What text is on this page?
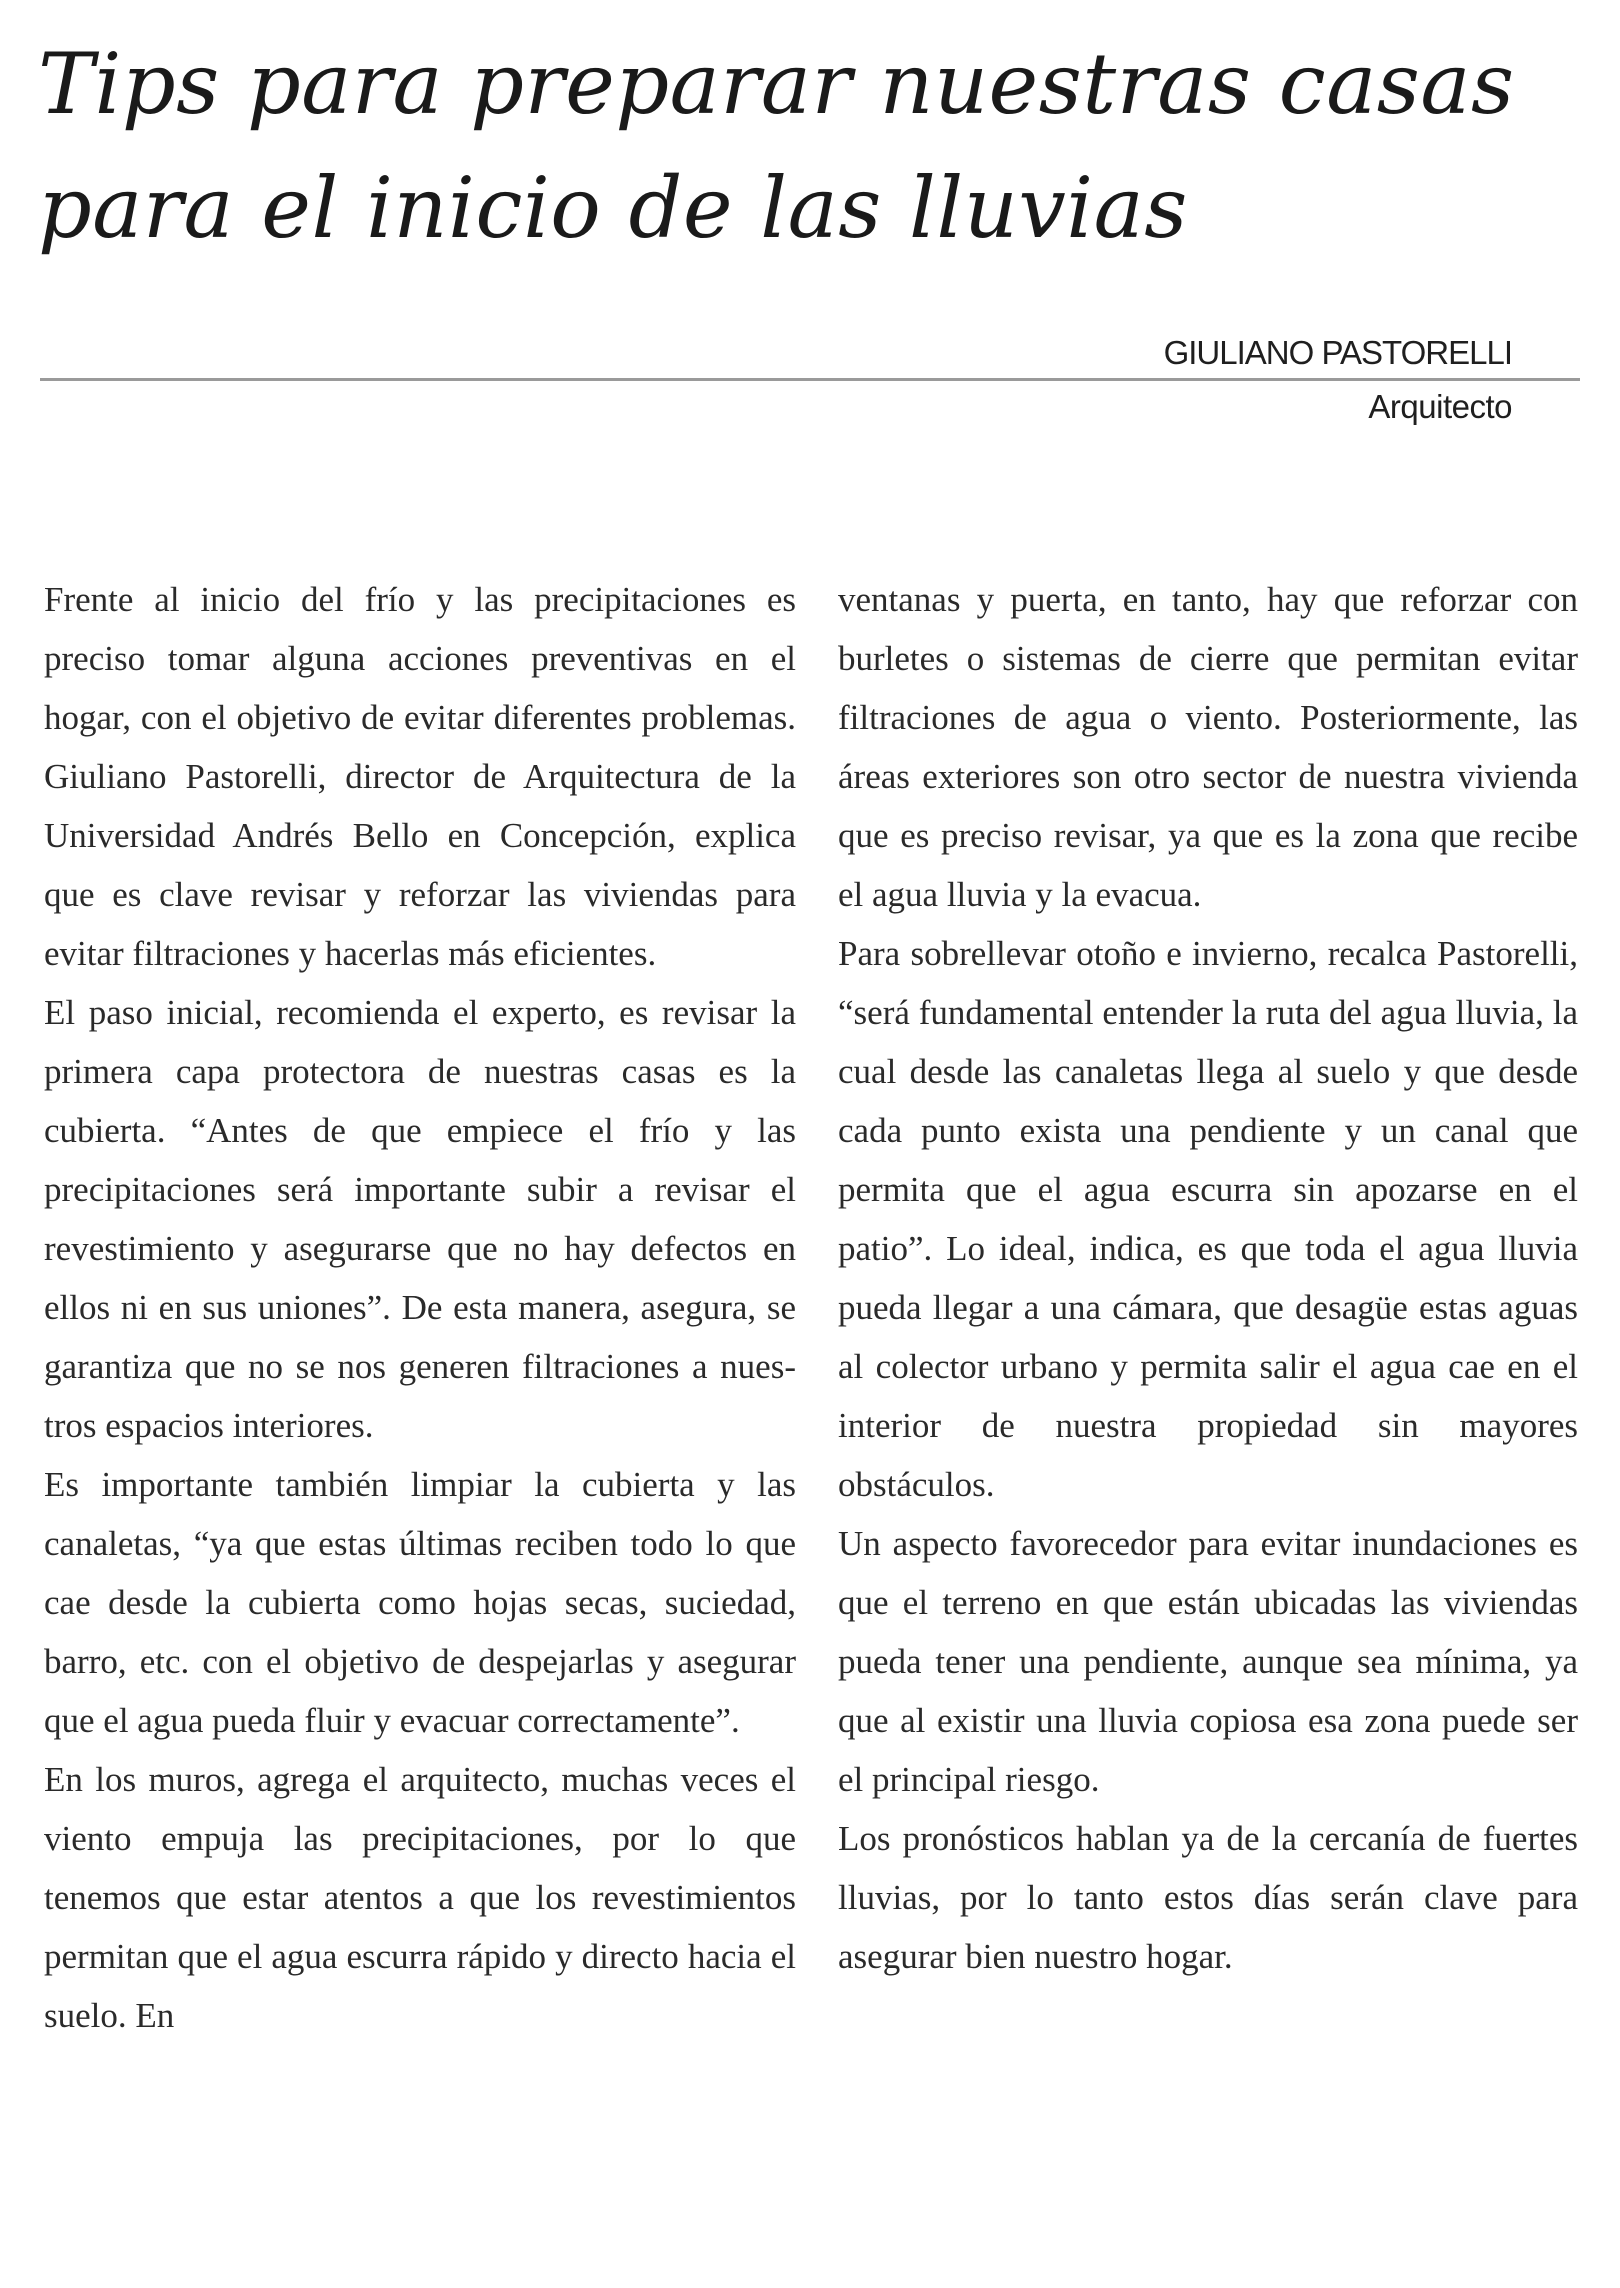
Tips para preparar nuestras casas
para el inicio de las lluvias
GIULIANO PASTORELLI
Arquitecto

Frente al inicio del frío y las precipitaciones es preciso tomar alguna acciones preventivas en el hogar, con el objetivo de evitar diferentes problemas. Giuliano Pastorelli, director de Arquitectura de la Universidad Andrés Bello en Concepción, explica que es clave revisar y reforzar las viviendas para evitar filtraciones y hacerlas más eficientes.

El paso inicial, recomienda el experto, es revisar la primera capa protectora de nuestras casas es la cubierta. “Antes de que empiece el frío y las precipitaciones será importante subir a revisar el revestimiento y asegurarse que no hay defectos en ellos ni en sus uniones”. De esta manera, asegura, se garantiza que no se nos generen filtraciones a nuestros espacios interiores.

Es importante también limpiar la cubierta y las canaletas, “ya que estas últimas reciben todo lo que cae desde la cubierta como hojas secas, suciedad, barro, etc. con el objetivo de despejarlas y asegurar que el agua pueda fluir y evacuar correctamente”.

En los muros, agrega el arquitecto, muchas veces el viento empuja las precipitaciones, por lo que tenemos que estar atentos a que los revestimientos permitan que el agua escurra rápido y directo hacia el suelo. En

ventanas y puerta, en tanto, hay que reforzar con burletes o sistemas de cierre que permitan evitar filtraciones de agua o viento. Posteriormente, las áreas exteriores son otro sector de nuestra vivienda que es preciso revisar, ya que es la zona que recibe el agua lluvia y la evacua.

Para sobrellevar otoño e invierno, recalca Pastorelli, “será fundamental entender la ruta del agua lluvia, la cual desde las canaletas llega al suelo y que desde cada punto exista una pendiente y un canal que permita que el agua escurra sin apozarse en el patio”. Lo ideal, indica, es que toda el agua lluvia pueda llegar a una cámara, que desagüe estas aguas al colector urbano y permita salir el agua cae en el interior de nuestra propiedad sin mayores obstáculos.

Un aspecto favorecedor para evitar inundaciones es que el terreno en que están ubicadas las viviendas pueda tener una pendiente, aunque sea mínima, ya que al existir una lluvia copiosa esa zona puede ser el principal riesgo.

Los pronósticos hablan ya de la cercanía de fuertes lluvias, por lo tanto estos días serán clave para asegurar bien nuestro hogar.
